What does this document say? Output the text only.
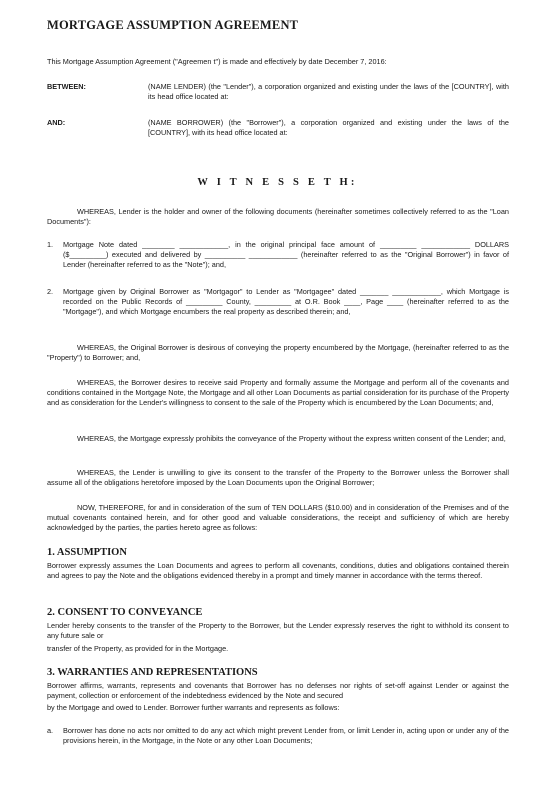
MORTGAGE ASSUMPTION AGREEMENT
This Mortgage Assumption Agreement ("Agreemen t") is made and effectively by date December 7, 2016:
BETWEEN:	(NAME LENDER) (the "Lender"), a corporation organized and existing under the laws of the [COUNTRY], with its head office located at:
AND:	(NAME BORROWER) (the "Borrower"), a corporation organized and existing under the laws of the [COUNTRY], with its head office located at:
W I T N E S S E T H:
WHEREAS, Lender is the holder and owner of the following documents (hereinafter sometimes collectively referred to as the "Loan Documents"):
1. Mortgage Note dated ________ ____________, in the original principal face amount of _________ ____________ DOLLARS ($_________) executed and delivered by __________ ____________ (hereinafter referred to as the "Original Borrower") in favor of Lender (hereinafter referred to as the "Note"); and,
2. Mortgage given by Original Borrower as "Mortgagor" to Lender as "Mortgagee" dated _______ ____________, which Mortgage is recorded on the Public Records of _________ County, _________ at O.R. Book ____, Page ____ (hereinafter referred to as the "Mortgage"), and which Mortgage encumbers the real property as described therein; and,
WHEREAS, the Original Borrower is desirous of conveying the property encumbered by the Mortgage, (hereinafter referred to as the "Property") to Borrower; and,
WHEREAS, the Borrower desires to receive said Property and formally assume the Mortgage and perform all of the covenants and conditions contained in the Mortgage Note, the Mortgage and all other Loan Documents as partial consideration for its purchase of the Property and as consideration for the Lender's willingness to consent to the sale of the Property which is encumbered by the Loan Documents; and,
WHEREAS, the Mortgage expressly prohibits the conveyance of the Property without the express written consent of the Lender; and,
WHEREAS, the Lender is unwilling to give its consent to the transfer of the Property to the Borrower unless the Borrower shall assume all of the obligations heretofore imposed by the Loan Documents upon the Original Borrower;
NOW, THEREFORE, for and in consideration of the sum of TEN DOLLARS ($10.00) and in consideration of the Premises and of the mutual covenants contained herein, and for other good and valuable considerations, the receipt and sufficiency of which are hereby acknowledged by the parties, the parties hereto agree as follows:
1. ASSUMPTION
Borrower expressly assumes the Loan Documents and agrees to perform all covenants, conditions, duties and obligations contained therein and agrees to pay the Note and the obligations evidenced thereby in a prompt and timely manner in accordance with the terms thereof.
2. CONSENT TO CONVEYANCE
Lender hereby consents to the transfer of the Property to the Borrower, but the Lender expressly reserves the right to withhold its consent to any future sale or
transfer of the Property, as provided for in the Mortgage.
3. WARRANTIES AND REPRESENTATIONS
Borrower affirms, warrants, represents and covenants that Borrower has no defenses nor rights of set-off against Lender or against the payment, collection or enforcement of the indebtedness evidenced by the Note and secured
by the Mortgage and owed to Lender. Borrower further warrants and represents as follows:
a. Borrower has done no acts nor omitted to do any act which might prevent Lender from, or limit Lender in, acting upon or under any of the provisions herein, in the Mortgage, in the Note or any other Loan Documents;
